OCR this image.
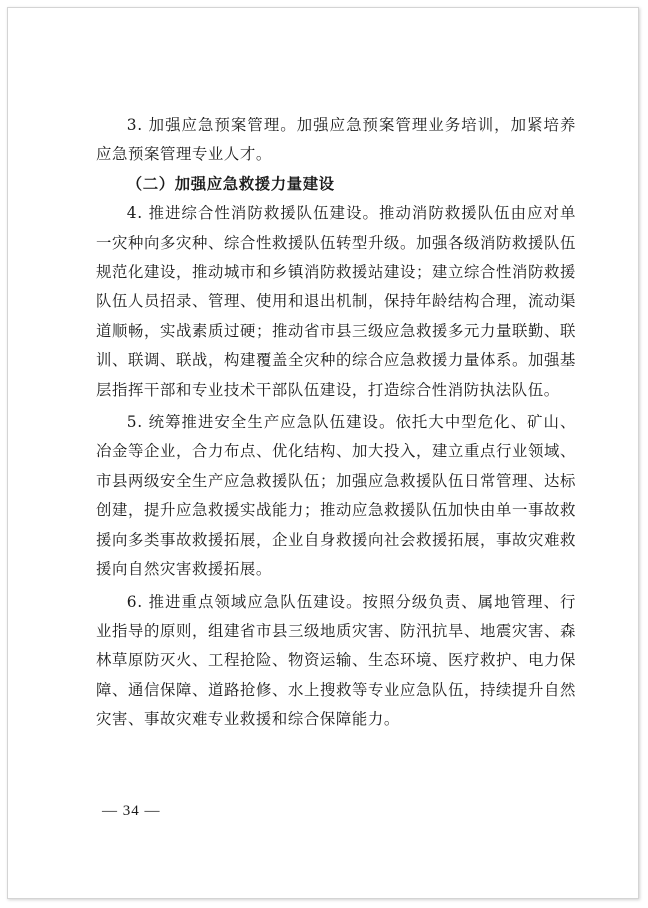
3. 加强应急预案管理。加强应急预案管理业务培训，加紧培养应急预案管理专业人才。

（二）加强应急救援力量建设

4. 推进综合性消防救援队伍建设。推动消防救援队伍由应对单一灾种向多灾种、综合性救援队伍转型升级。加强各级消防救援队伍规范化建设，推动城市和乡镇消防救援站建设；建立综合性消防救援队伍人员招录、管理、使用和退出机制，保持年龄结构合理，流动渠道顺畅，实战素质过硬；推动省市县三级应急救援多元力量联勤、联训、联调、联战，构建覆盖全灾种的综合应急救援力量体系。加强基层指挥干部和专业技术干部队伍建设，打造综合性消防执法队伍。

5. 统筹推进安全生产应急队伍建设。依托大中型危化、矿山、冶金等企业，合力布点、优化结构、加大投入，建立重点行业领域、市县两级安全生产应急救援队伍；加强应急救援队伍日常管理、达标创建，提升应急救援实战能力；推动应急救援队伍加快由单一事故救援向多类事故救援拓展，企业自身救援向社会救援拓展，事故灾难救援向自然灾害救援拓展。

6. 推进重点领域应急队伍建设。按照分级负责、属地管理、行业指导的原则，组建省市县三级地质灾害、防汛抗旱、地震灾害、森林草原防灭火、工程抢险、物资运输、生态环境、医疗救护、电力保障、通信保障、道路抢修、水上搜救等专业应急队伍，持续提升自然灾害、事故灾难专业救援和综合保障能力。

— 34 —
